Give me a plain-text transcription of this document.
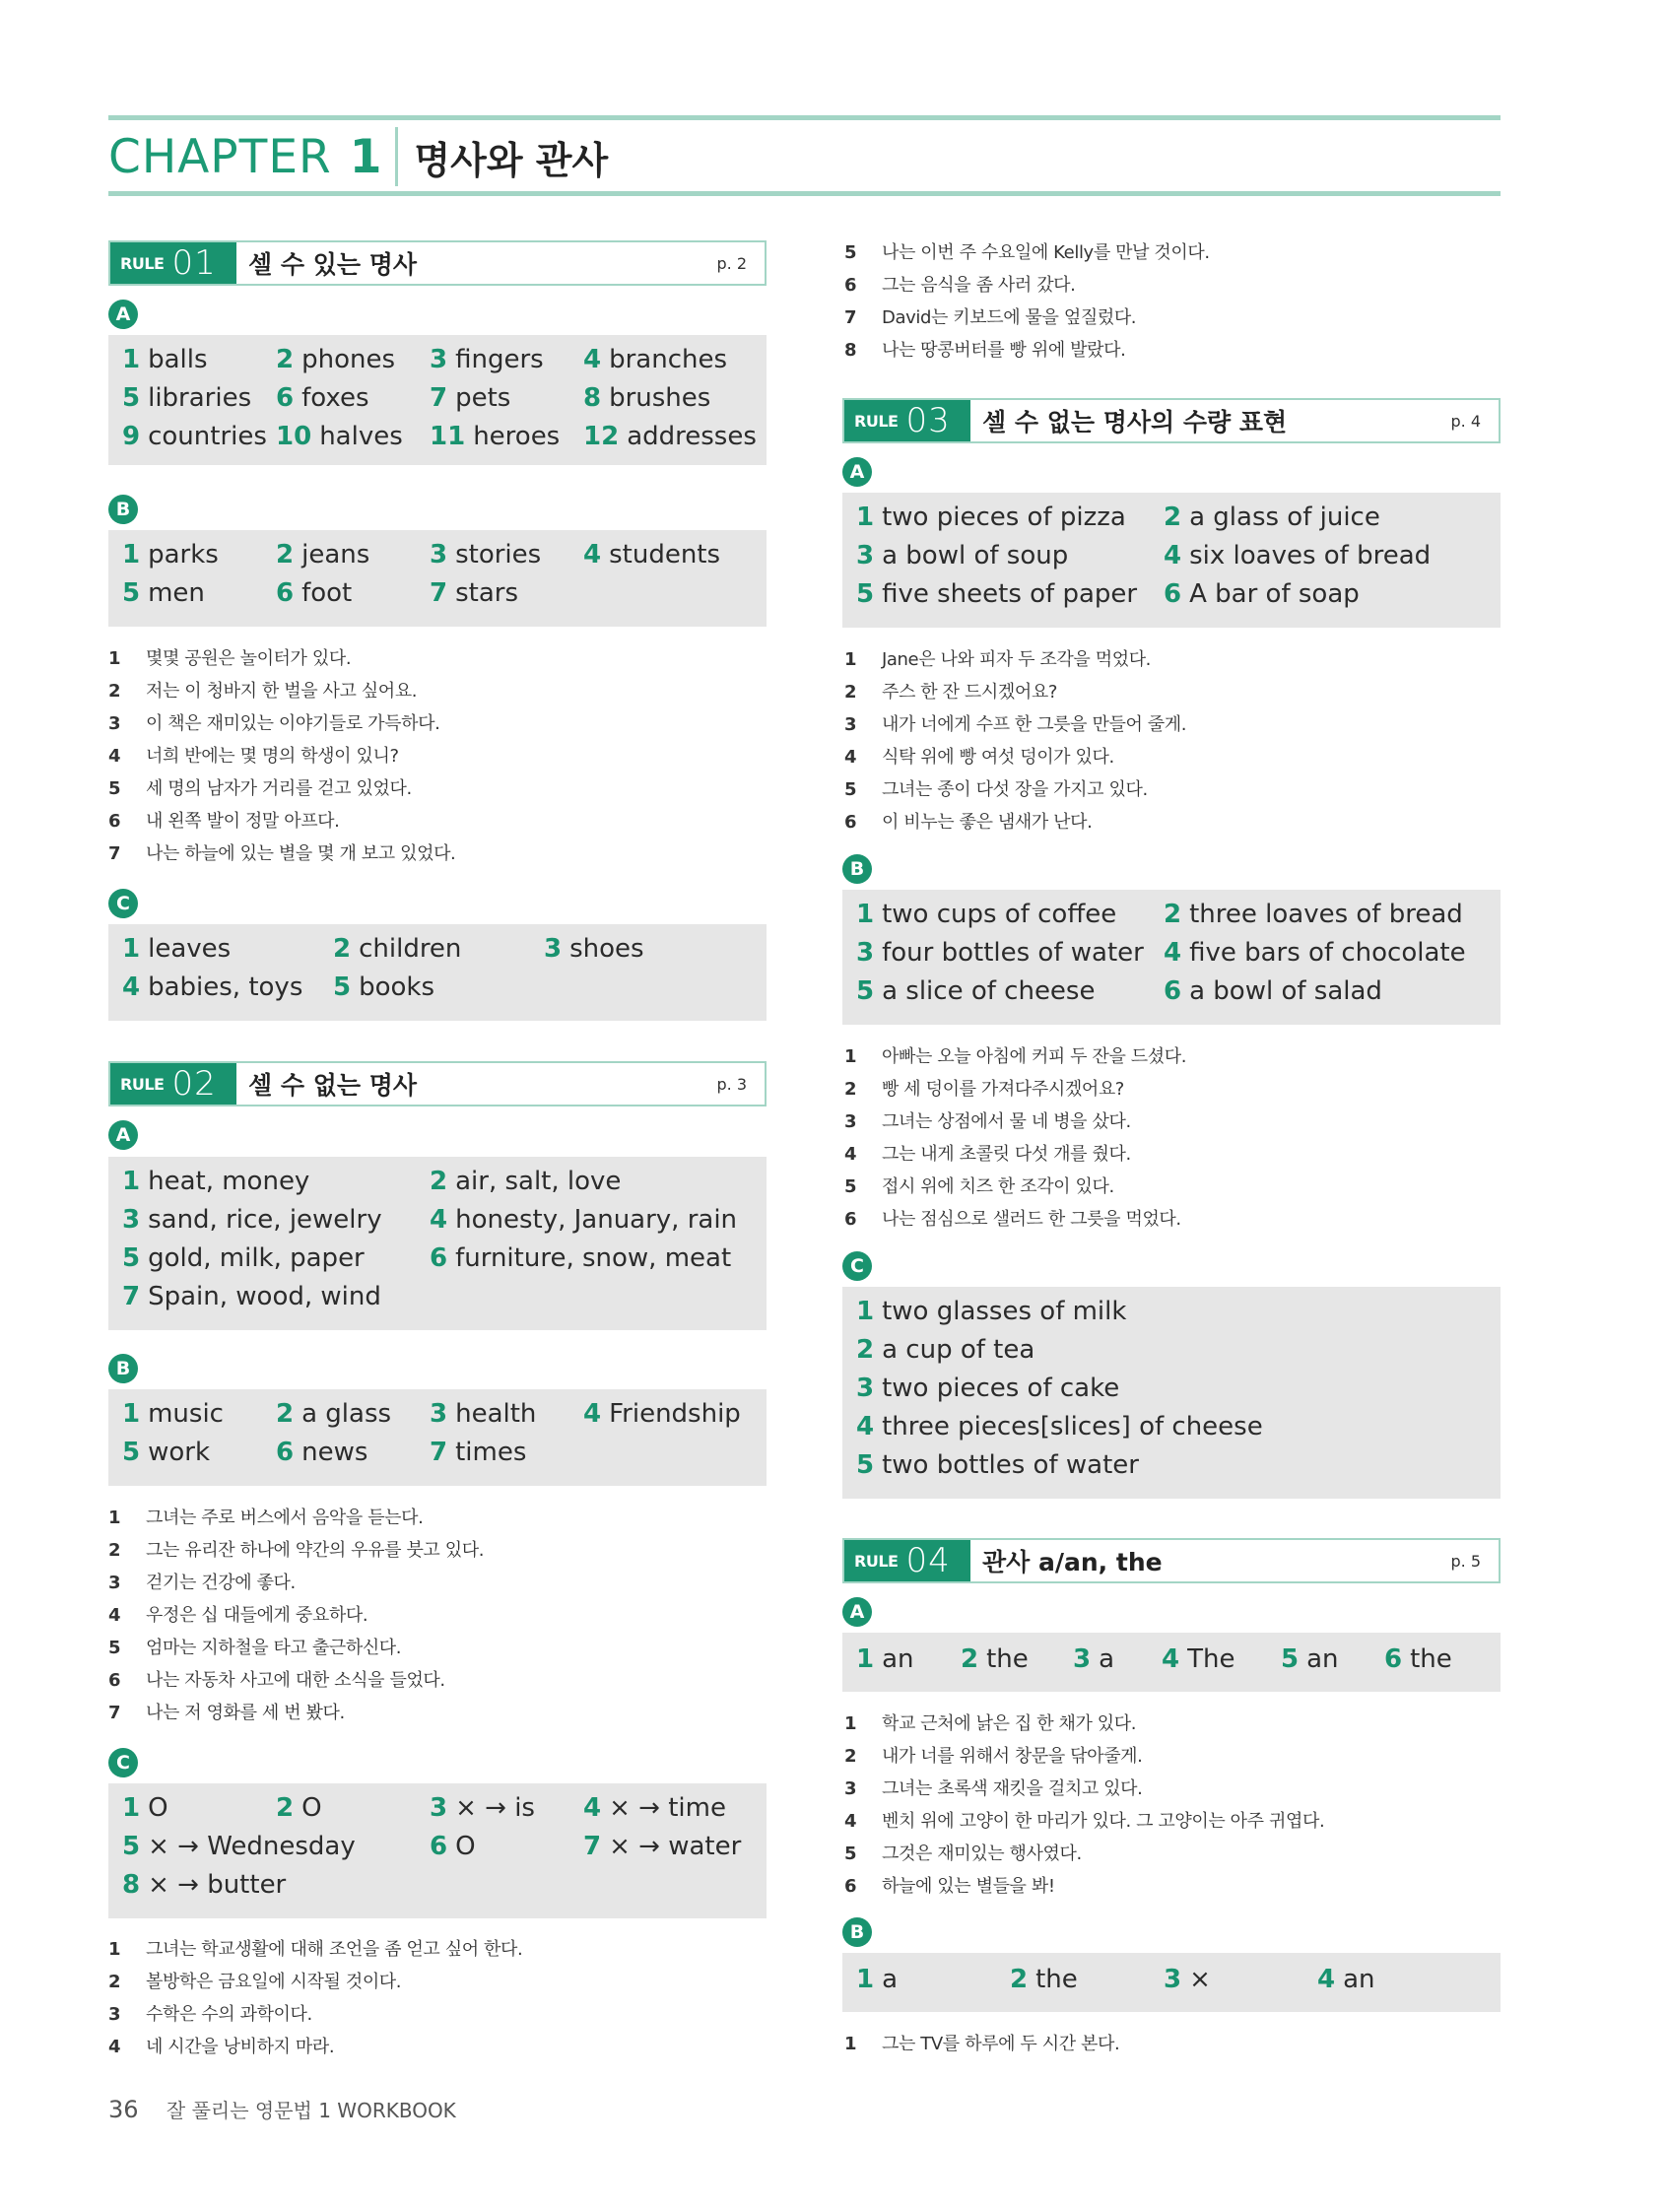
CHAPTER 1 명사와 관사
RULE 01 셀 수 있는 명사	p. 2
A
1 balls	2 phones 3 fingers 4 branches
5 libraries 6 foxes 7 pets	8 brushes
9 countries 10 halves 11 heroes 12 addresses
B
1 parks 2 jeans 3 stories 4 students
5 men	6 foot	7 stars
1 몇몇 공원은 놀이터가 있다.
2 저는 이 청바지 한 벌을 사고 싶어요.
3 이 책은 재미있는 이야기들로 가득하다.
4 너희 반에는 몇 명의 학생이 있니?
5 세 명의 남자가 거리를 걷고 있었다.
6 내 왼쪽 발이 정말 아프다.
7 나는 하늘에 있는 별을 몇 개 보고 있었다.
C
1 leaves	2 children	3 shoes
4 babies, toys 5 books
RULE 02 셀 수 없는 명사	p. 3
A
1 heat, money	2 air, salt, love
3 sand, rice, jewelry 4 honesty, January, rain
5 gold, milk, paper	6 furniture, snow, meat
7 Spain, wood, wind
B
1 music 2 a glass 3 health 4 Friendship
5 work	6 news 7 times
1 그녀는 주로 버스에서 음악을 듣는다.
2 그는 유리잔 하나에 약간의 우유를 붓고 있다.
3 걷기는 건강에 좋다.
4 우정은 십 대들에게 중요하다.
5 엄마는 지하철을 타고 출근하신다.
6 나는 자동차 사고에 대한 소식을 들었다.
7 나는 저 영화를 세 번 봤다.
C
1 O	2 O	3 × → is 4 × → time
5 × → Wednesday	6 O	7 × → water
8 × → butter
1 그녀는 학교생활에 대해 조언을 좀 얻고 싶어 한다.
2 볼방학은 금요일에 시작될 것이다.
3 수학은 수의 과학이다.
4 네 시간을 낭비하지 마라.
5 나는 이번 주 수요일에 Kelly를 만날 것이다.
6 그는 음식을 좀 사러 갔다.
7 David는 키보드에 물을 엎질렀다.
8 나는 땅콩버터를 빵 위에 발랐다.
RULE 03 셀 수 없는 명사의 수량 표현	p. 4
A
1 two pieces of pizza 2 a glass of juice
3 a bowl of soup	4 six loaves of bread
5 five sheets of paper 6 A bar of soap
1 Jane은 나와 피자 두 조각을 먹었다.
2 주스 한 잔 드시겠어요?
3 내가 너에게 수프 한 그릇을 만들어 줄게.
4 식탁 위에 빵 여섯 덩이가 있다.
5 그녀는 종이 다섯 장을 가지고 있다.
6 이 비누는 좋은 냄새가 난다.
B
1 two cups of coffee 2 three loaves of bread
3 four bottles of water 4 five bars of chocolate
5 a slice of cheese	6 a bowl of salad
1 아빠는 오늘 아침에 커피 두 잔을 드셨다.
2 빵 세 덩이를 가져다주시겠어요?
3 그녀는 상점에서 물 네 병을 샀다.
4 그는 내게 초콜릿 다섯 개를 줬다.
5 접시 위에 치즈 한 조각이 있다.
6 나는 점심으로 샐러드 한 그릇을 먹었다.
C
1 two glasses of milk
2 a cup of tea
3 two pieces of cake
4 three pieces[slices] of cheese
5 two bottles of water
RULE 04 관사 a/an, the	p. 5
A
1 an 2 the 3 a 4 The 5 an 6 the
1 학교 근처에 낡은 집 한 채가 있다.
2 내가 너를 위해서 창문을 닦아줄게.
3 그녀는 초록색 재킷을 걸치고 있다.
4 벤치 위에 고양이 한 마리가 있다. 그 고양이는 아주 귀엽다.
5 그것은 재미있는 행사였다.
6 하늘에 있는 별들을 봐!
B
1 a	2 the	3 ×	4 an
1 그는 TV를 하루에 두 시간 본다.
36 잘 풀리는 영문법 1 WORKBOOK
